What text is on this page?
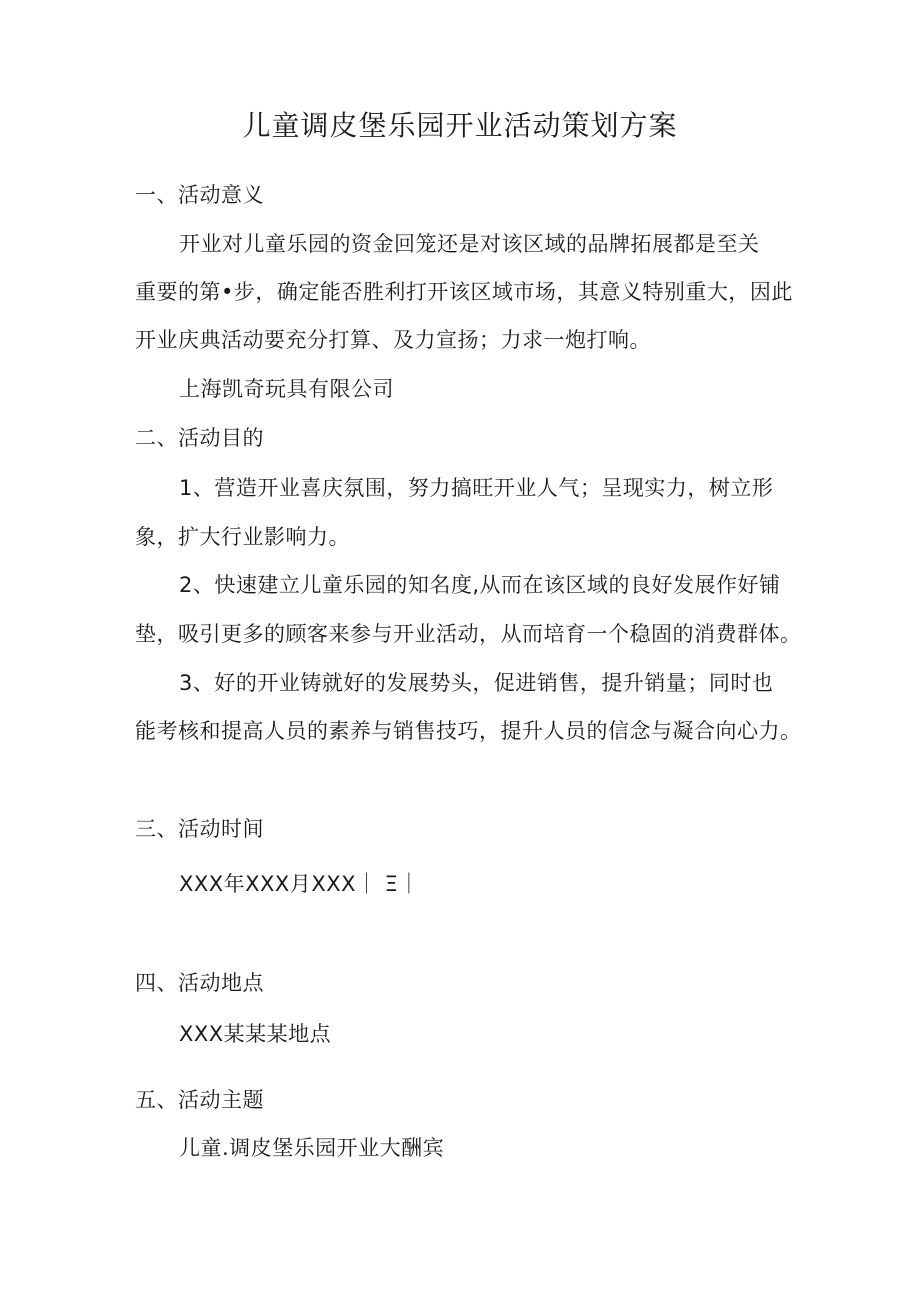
儿童调皮堡乐园开业活动策划方案
一、活动意义
开业对儿童乐园的资金回笼还是对该区域的品牌拓展都是至关
重要的第•步，确定能否胜利打开该区域市场，其意义特别重大，因此
开业庆典活动要充分打算、及力宣扬；力求一炮打响。
上海凯奇玩具有限公司
二、活动目的
1、营造开业喜庆氛围，努力搞旺开业人气；呈现实力，树立形
象，扩大行业影响力。
2、快速建立儿童乐园的知名度,从而在该区域的良好发展作好铺
垫，吸引更多的顾客来参与开业活动，从而培育一个稳固的消费群体。
3、好的开业铸就好的发展势头，促进销售，提升销量；同时也
能考核和提高人员的素养与销售技巧，提升人员的信念与凝合向心力。
三、活动时间
XXX年XXX月XXX｜ Ξ｜
四、活动地点
XXX某某某地点
五、活动主题
儿童.调皮堡乐园开业大酬宾
